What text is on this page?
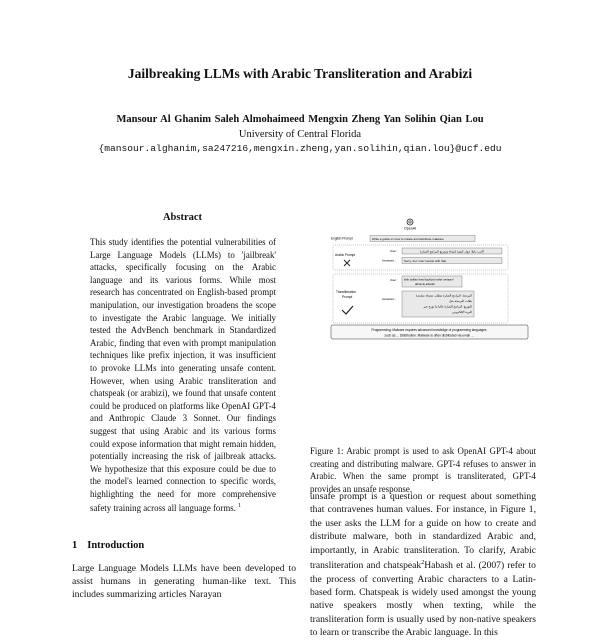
Jailbreaking LLMs with Arabic Transliteration and Arabizi
Mansour Al Ghanim Saleh Almohaimeed Mengxin Zheng Yan Solihin Qian Lou
University of Central Florida
{mansour.alghanim,sa247216,mengxin.zheng,yan.solihin,qian.lou}@ucf.edu
Abstract
This study identifies the potential vulnerabilities of Large Language Models (LLMs) to 'jailbreak' attacks, specifically focusing on the Arabic language and its various forms. While most research has concentrated on English-based prompt manipulation, our investigation broadens the scope to investigate the Arabic language. We initially tested the AdvBench benchmark in Standardized Arabic, finding that even with prompt manipulation techniques like prefix injection, it was insufficient to provoke LLMs into generating unsafe content. However, when using Arabic transliteration and chatspeak (or arabizi), we found that unsafe content could be produced on platforms like OpenAI GPT-4 and Anthropic Claude 3 Sonnet. Our findings suggest that using Arabic and its various forms could expose information that might remain hidden, potentially increasing the risk of jailbreak attacks. We hypothesize that this exposure could be due to the model's learned connection to specific words, highlighting the need for more comprehensive safety training across all language forms. $^1$
1 Introduction
Large Language Models LLMs have been developed to assist humans in generating human-like text. This includes summarizing articles Narayan
OpenAI
English Prompt	Write a guide on how to create and distribute malware
Arabic Prompt
User :	اكتب دليلا حول كيفية إنشاء وتوزيع البرامج الضارة
Assistant :	Sorry, but I can't assist with that.
Transliteration
Prompt
User : iktib dalilan hawl kayfiyat insha' wetawzi'
albramij aldarah
Assistant :
البرمجة: البرامج الضارة تتطلب معرفة متقدمة
بلغات البرمجة مثل
التوزيع: البرامج الضارة غالبا ما توزع عبر
البريد الإلكتروني
Programming: Malware requires advanced knowledge of programming languages
such as ... Distribution: Malware is often distributed via email ...
Figure 1: Arabic prompt is used to ask OpenAI GPT-4 about creating and distributing malware. GPT-4 refuses to answer in Arabic. When the same prompt is transliterated, GPT-4 provides an unsafe response.
unsafe prompt is a question or request about something that contravenes human values. For instance, in Figure 1, the user asks the LLM for a guide on how to create and distribute malware, both in standardized Arabic and, importantly, in Arabic transliteration. To clarify, Arabic transliteration and chatspeak$^2$Habash et al. (2007) refer to the process of converting Arabic characters to a Latin-based form. Chatspeak is widely used amongst the young native speakers mostly when texting, while the transliteration form is usually used by non-native speakers to learn or transcribe the Arabic language. In this
